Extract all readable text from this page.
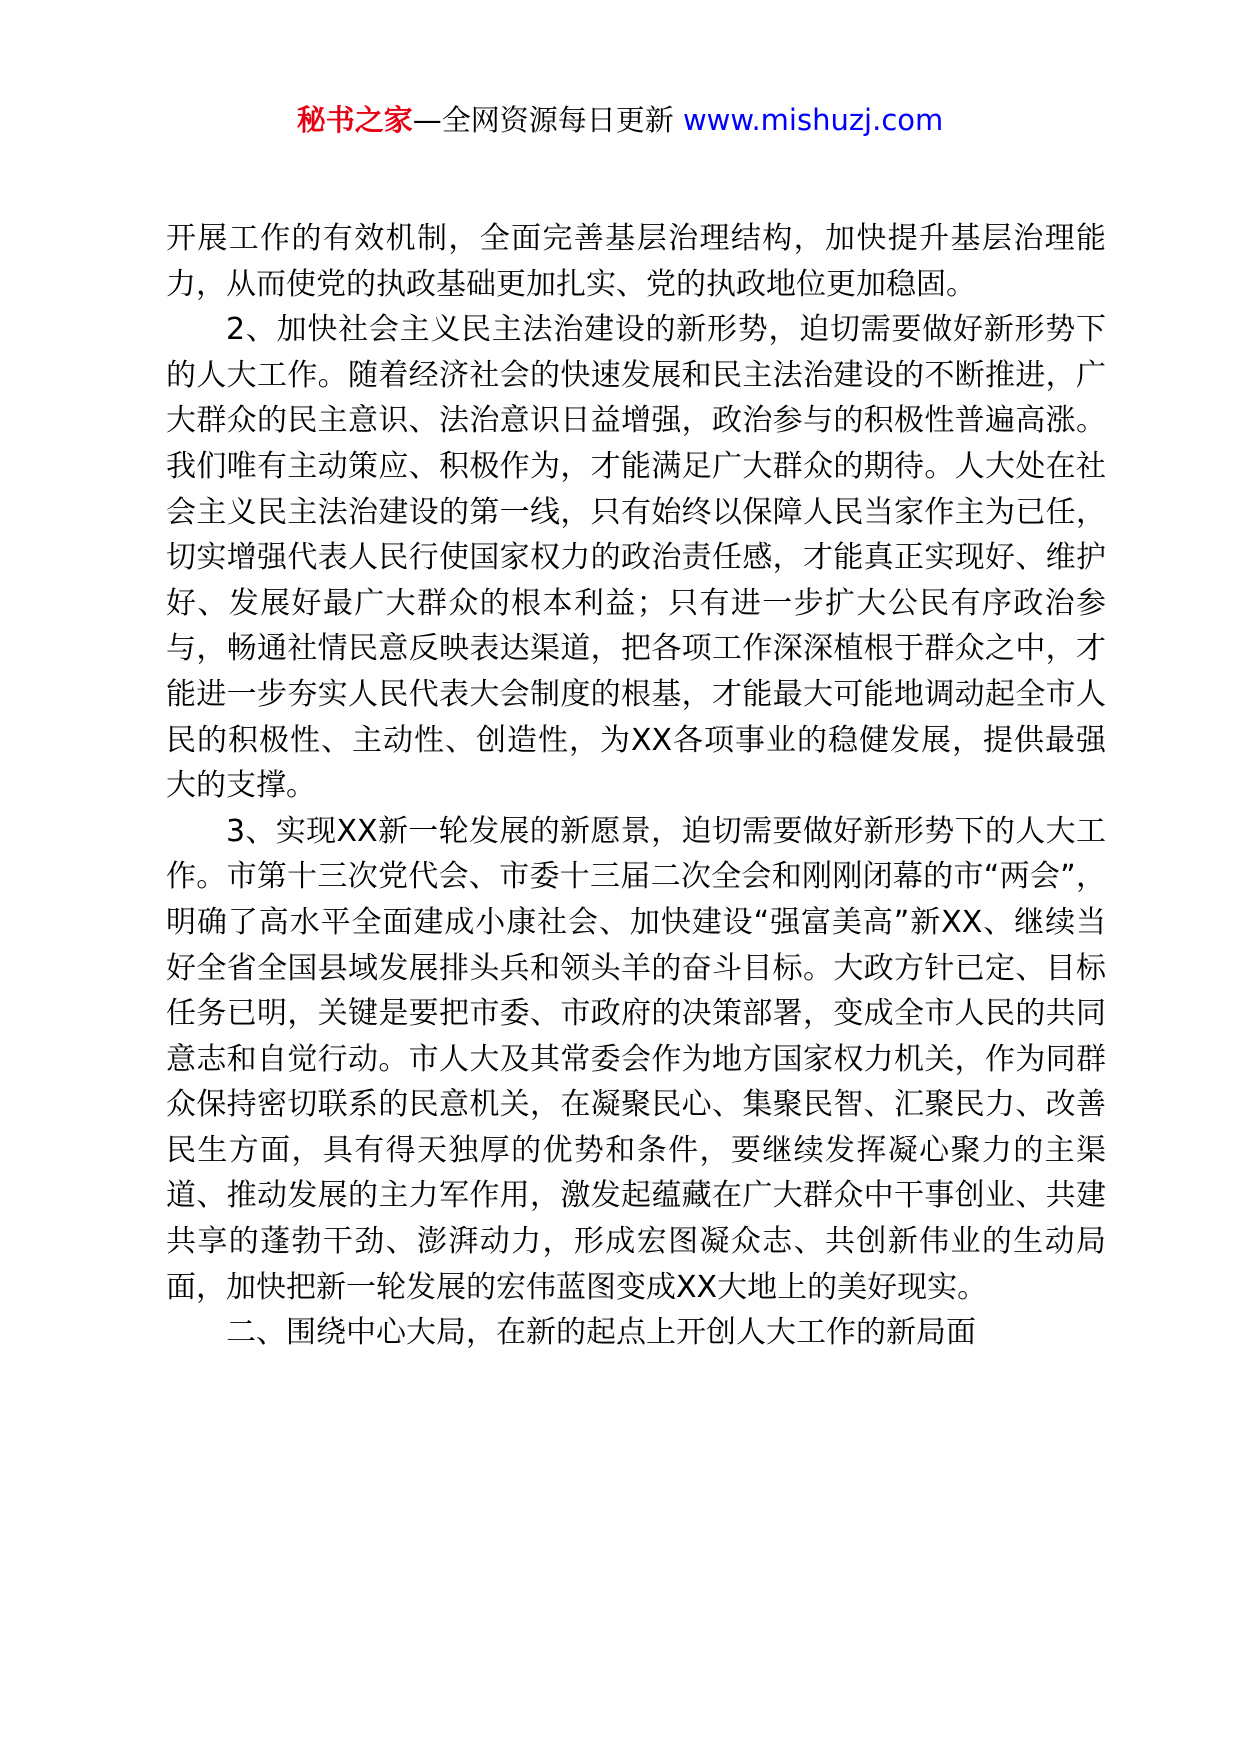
秘书之家—全网资源每日更新 www.mishuzj.com

开展工作的有效机制，全面完善基层治理结构，加快提升基层治理能力，从而使党的执政基础更加扎实、党的执政地位更加稳固。

2、加快社会主义民主法治建设的新形势，迫切需要做好新形势下的人大工作。随着经济社会的快速发展和民主法治建设的不断推进，广大群众的民主意识、法治意识日益增强，政治参与的积极性普遍高涨。我们唯有主动策应、积极作为，才能满足广大群众的期待。人大处在社会主义民主法治建设的第一线，只有始终以保障人民当家作主为已任，切实增强代表人民行使国家权力的政治责任感，才能真正实现好、维护好、发展好最广大群众的根本利益；只有进一步扩大公民有序政治参与，畅通社情民意反映表达渠道，把各项工作深深植根于群众之中，才能进一步夯实人民代表大会制度的根基，才能最大可能地调动起全市人民的积极性、主动性、创造性，为XX各项事业的稳健发展，提供最强大的支撑。

3、实现XX新一轮发展的新愿景，迫切需要做好新形势下的人大工作。市第十三次党代会、市委十三届二次全会和刚刚闭幕的市“两会”，明确了高水平全面建成小康社会、加快建设“强富美高”新XX、继续当好全省全国县域发展排头兵和领头羊的奋斗目标。大政方针已定、目标任务已明，关键是要把市委、市政府的决策部署，变成全市人民的共同意志和自觉行动。市人大及其常委会作为地方国家权力机关，作为同群众保持密切联系的民意机关，在凝聚民心、集聚民智、汇聚民力、改善民生方面，具有得天独厚的优势和条件，要继续发挥凝心聚力的主渠道、推动发展的主力军作用，激发起蕴藏在广大群众中干事创业、共建共享的蓬勃干劲、澎湃动力，形成宏图凝众志、共创新伟业的生动局面，加快把新一轮发展的宏伟蓝图变成XX大地上的美好现实。

二、围绕中心大局，在新的起点上开创人大工作的新局面
